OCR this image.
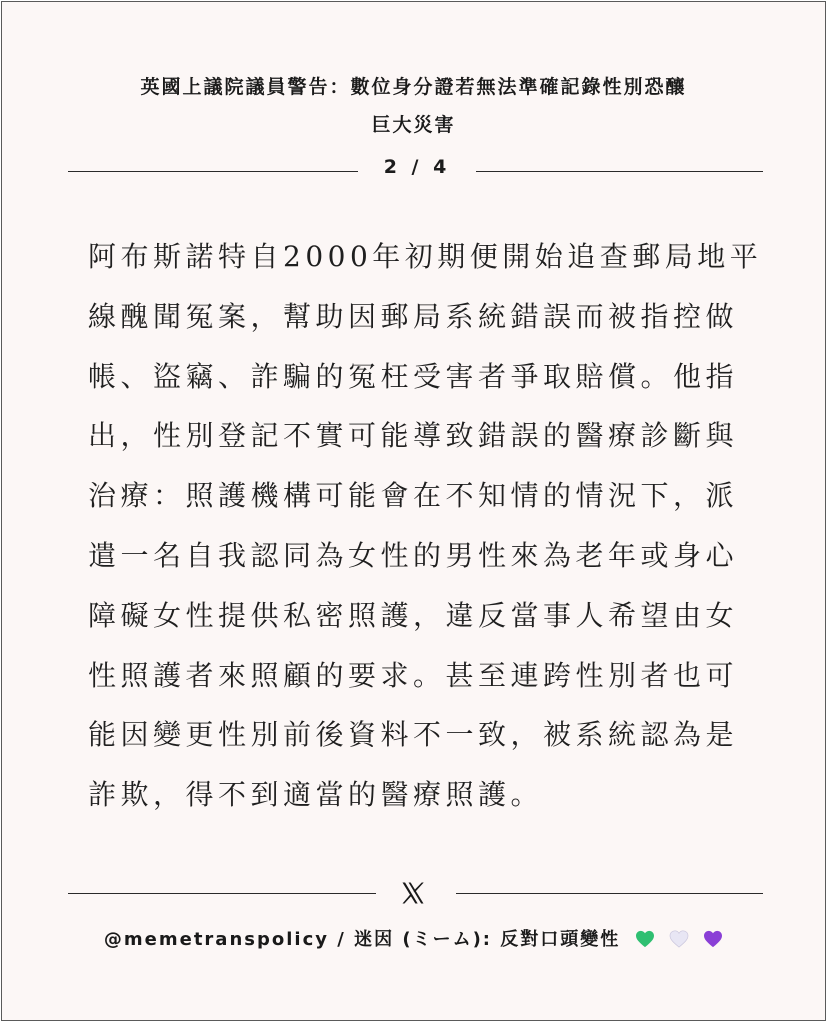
英國上議院議員警告：數位身分證若無法準確記錄性別恐釀
巨大災害
2 / 4
阿布斯諾特自2000年初期便開始追查郵局地平
線醜聞冤案，幫助因郵局系統錯誤而被指控做
帳、盜竊、詐騙的冤枉受害者爭取賠償。他指
出，性別登記不實可能導致錯誤的醫療診斷與
治療：照護機構可能會在不知情的情況下，派
遣一名自我認同為女性的男性來為老年或身心
障礙女性提供私密照護，違反當事人希望由女
性照護者來照顧的要求。甚至連跨性別者也可
能因變更性別前後資料不一致，被系統認為是
詐欺，得不到適當的醫療照護。
@memetranspolicy / 迷因 (ミーム): 反對口頭變性
